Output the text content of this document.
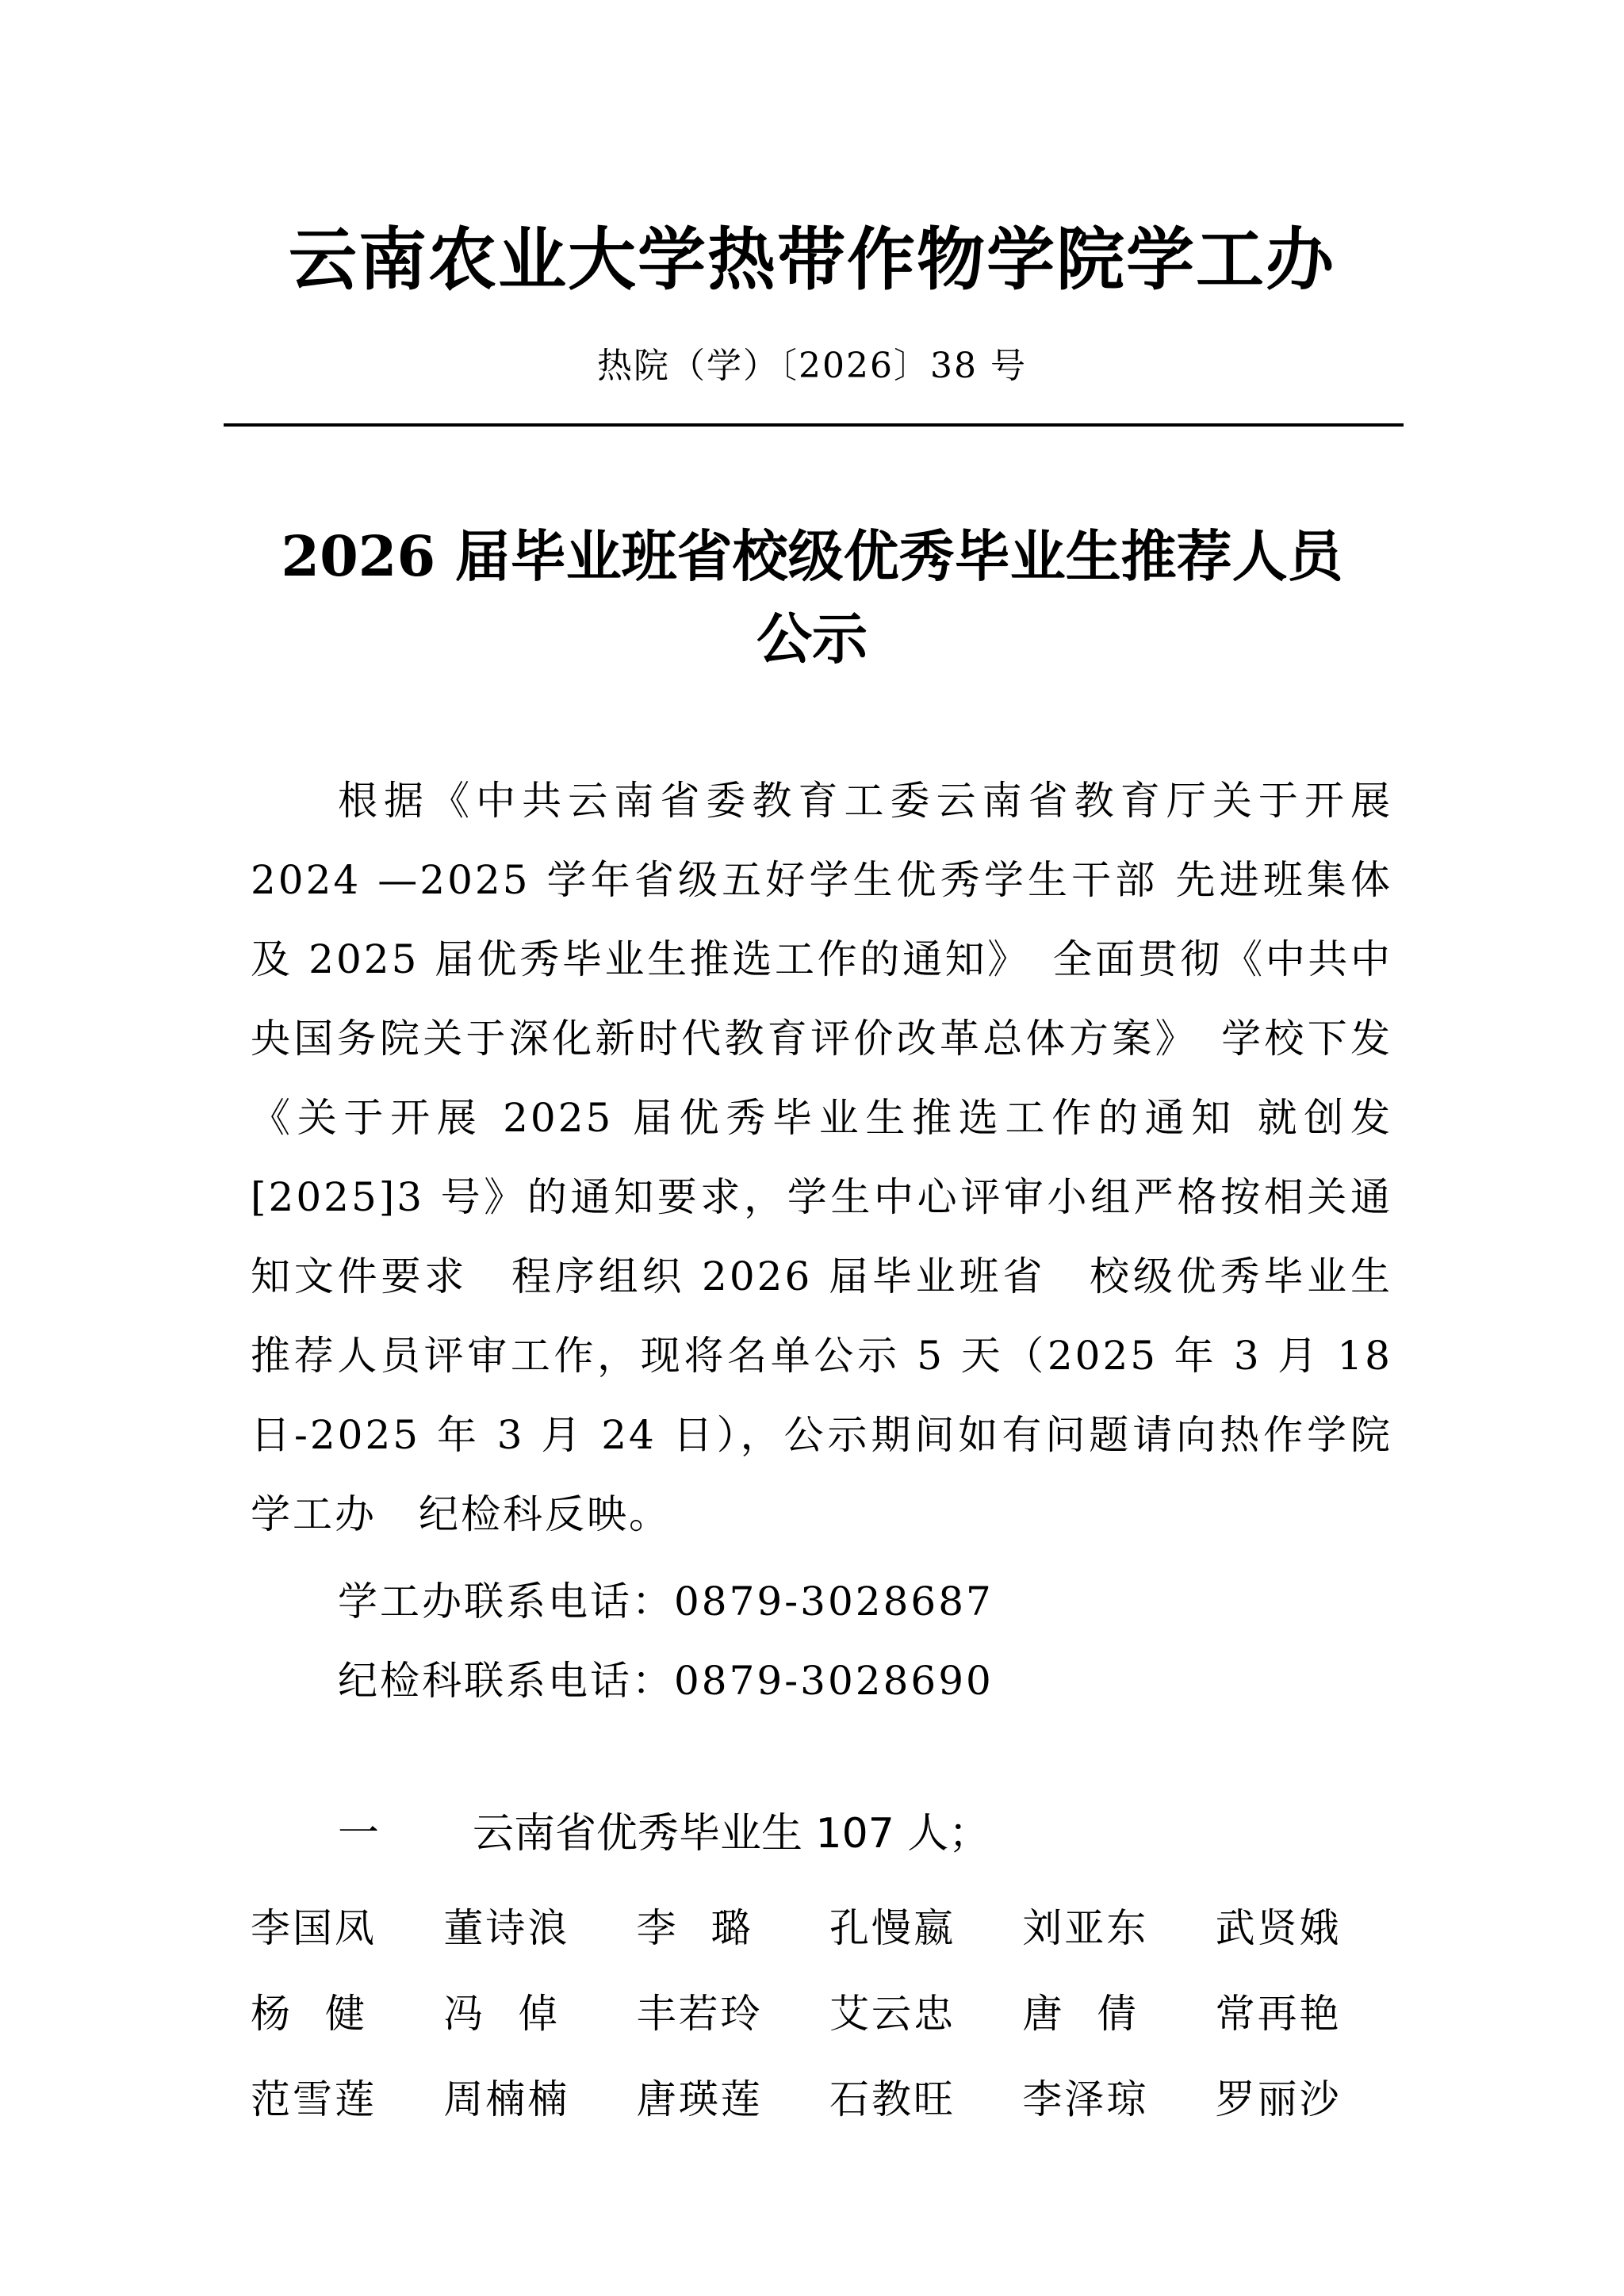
云南农业大学热带作物学院学工办
热院（学）〔2026〕38 号
2026 届毕业班省校级优秀毕业生推荐人员
公示

根据《中共云南省委教育工委云南省教育厅关于开展 2024 —2025 学年省级五好学生优秀学生干部 先进班集体及 2025 届优秀毕业生推选工作的通知》　全面贯彻《中共中央国务院关于深化新时代教育评价改革总体方案》　学校下发《关于开展 2025 届优秀毕业生推选工作的通知 就创发[2025]3 号》的通知要求，学生中心评审小组严格按相关通知文件要求　程序组织 2026 届毕业班省　校级优秀毕业生推荐人员评审工作，现将名单公示 5 天（2025 年 3 月 18 日-2025 年 3 月 24 日），公示期间如有问题请向热作学院学工办　纪检科反映。

学工办联系电话：0879-3028687
纪检科联系电话：0879-3028690
一 云南省优秀毕业生 107 人；
李国凤	董诗浪	李璐	孔慢嬴	刘亚东	武贤娥
杨健	冯倬	丰若玲	艾云忠	唐倩	常再艳
范雪莲	周楠楠	唐瑛莲	石教旺	李泽琼	罗丽沙
